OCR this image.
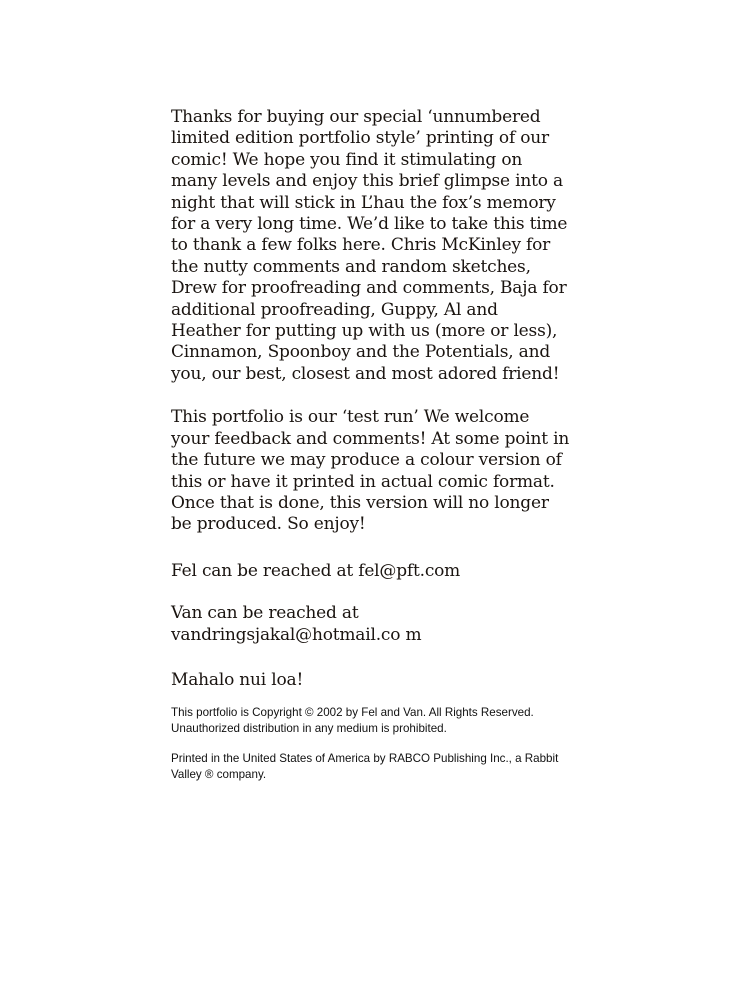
Thanks for buying our special ‘unnumbered limited edition portfolio style’ printing of our comic! We hope you find it stimulating on many levels and enjoy this brief glimpse into a night that will stick in L’hau the fox’s memory for a very long time. We’d like to take this time to thank a few folks here. Chris McKinley for the nutty comments and random sketches, Drew for proofreading and comments, Baja for additional proofreading, Guppy, Al and Heather for putting up with us (more or less), Cinnamon, Spoonboy and the Potentials, and you, our best, closest and most adored friend!

This portfolio is our ‘test run’ We welcome your feedback and comments! At some point in the future we may produce a colour version of this or have it printed in actual comic format. Once that is done, this version will no longer be produced. So enjoy!

Fel can be reached at fel@pft.com

Van can be reached at vandringsjakal@hotmail.co m

Mahalo nui loa!

This portfolio is Copyright © 2002 by Fel and Van. All Rights Reserved. Unauthorized distribution in any medium is prohibited.

Printed in the United States of America by RABCO Publishing Inc., a Rabbit Valley ® company.
